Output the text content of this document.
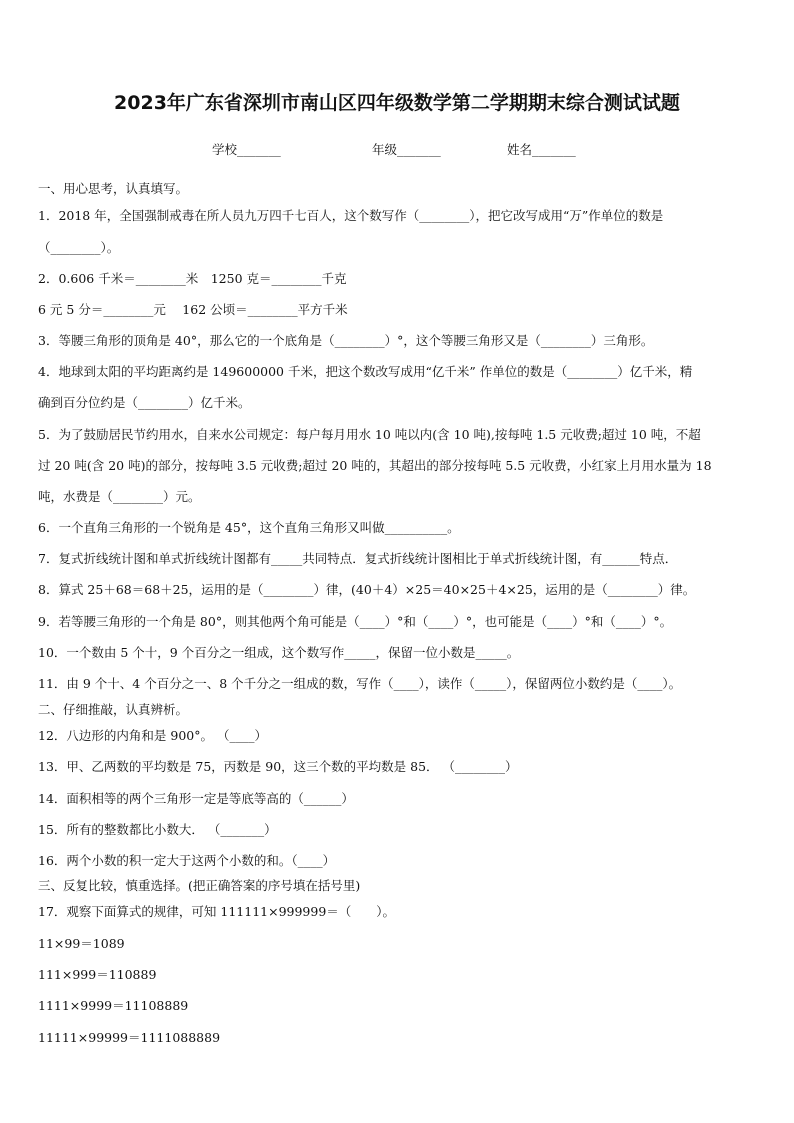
2023年广东省深圳市南山区四年级数学第二学期期末综合测试试题
学校_______	年级_______	姓名_______
一、用心思考，认真填写。
1．2018 年，全国强制戒毒在所人员九万四千七百人，这个数写作（________），把它改写成用“万”作单位的数是
（________）。
2．0.606 千米＝________米　1250 克＝________千克
6 元 5 分＝________元　 162 公顷＝________平方千米
3．等腰三角形的顶角是 40°，那么它的一个底角是（________）°，这个等腰三角形又是（________）三角形。
4．地球到太阳的平均距离约是 149600000 千米，把这个数改写成用“亿千米” 作单位的数是（________）亿千米，精
确到百分位约是（________）亿千米。
5．为了鼓励居民节约用水，自来水公司规定：每户每月用水 10 吨以内(含 10 吨),按每吨 1.5 元收费;超过 10 吨，不超
过 20 吨(含 20 吨)的部分，按每吨 3.5 元收费;超过 20 吨的，其超出的部分按每吨 5.5 元收费，小红家上月用水量为 18
吨，水费是（________）元。
6．一个直角三角形的一个锐角是 45°，这个直角三角形又叫做__________。
7．复式折线统计图和单式折线统计图都有_____共同特点．复式折线统计图相比于单式折线统计图，有______特点．
8．算式 25＋68＝68＋25，运用的是（________）律，(40＋4）×25＝40×25＋4×25，运用的是（________）律。
9．若等腰三角形的一个角是 80°，则其他两个角可能是（____）°和（____）°，也可能是（____）°和（____）°。
10．一个数由 5 个十，9 个百分之一组成，这个数写作_____，保留一位小数是_____。
11．由 9 个十、4 个百分之一、8 个千分之一组成的数，写作（____），读作（_____），保留两位小数约是（____）。
二、仔细推敲，认真辨析。
12．八边形的内角和是 900°。 （____）
13．甲、乙两数的平均数是 75，丙数是 90，这三个数的平均数是 85． （________）
14．面积相等的两个三角形一定是等底等高的（______）
15．所有的整数都比小数大． （_______）
16．两个小数的积一定大于这两个小数的和。（____）
三、反复比较，慎重选择。(把正确答案的序号填在括号里)
17．观察下面算式的规律，可知 111111×999999＝（　　）。
11×99＝1089
111×999＝110889
1111×9999＝11108889
11111×99999＝1111088889
